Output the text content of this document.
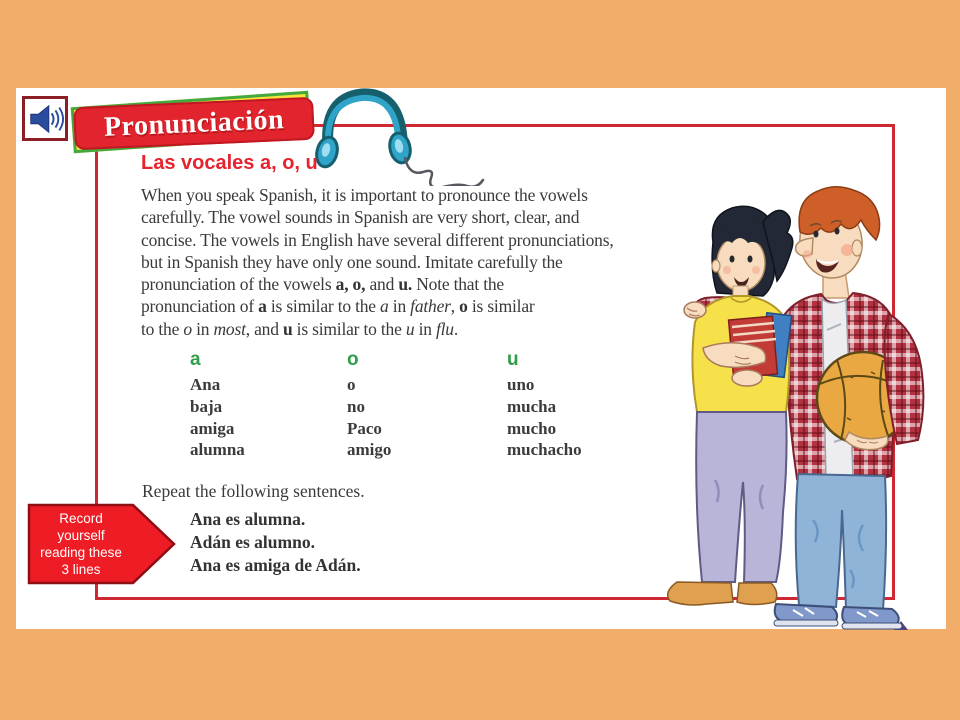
Pronunciación
Las vocales a, o, u
When you speak Spanish, it is important to pronounce the vowels
carefully. The vowel sounds in Spanish are very short, clear, and
concise. The vowels in English have several different pronunciations,
but in Spanish they have only one sound. Imitate carefully the
pronunciation of the vowels a, o, and u. Note that the
pronunciation of a is similar to the a in father, o is similar
to the o in most, and u is similar to the u in flu.
a
Ana
baja
amiga
alumna
o
o
no
Paco
amigo
u
uno
mucha
mucho
muchacho
Repeat the following sentences.
Ana es alumna.
Adán es alumno.
Ana es amiga de Adán.
Record
yourself
reading these
3 lines
